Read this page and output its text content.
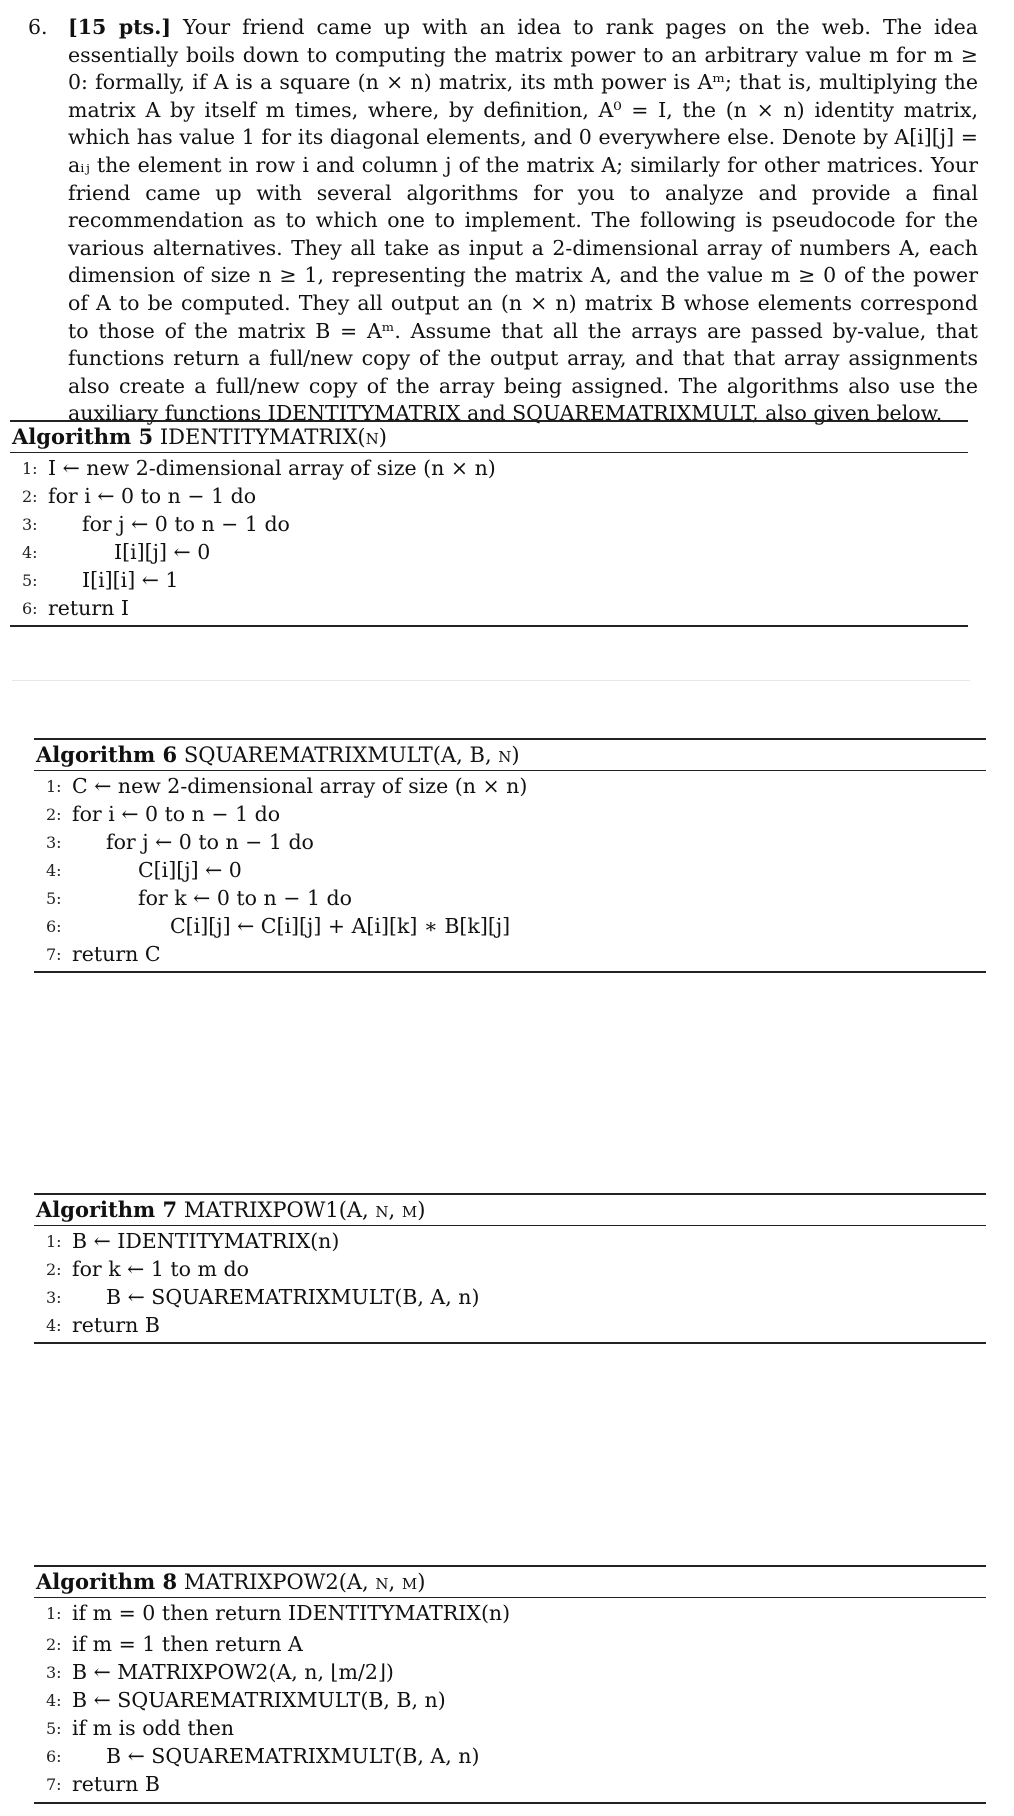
6. [15 pts.] Your friend came up with an idea to rank pages on the web. The idea essentially boils down to computing the matrix power to an arbitrary value m for m ≥ 0: formally, if A is a square (n × n) matrix, its mth power is Aᵐ; that is, multiplying the matrix A by itself m times, where, by definition, A⁰ = I, the (n × n) identity matrix, which has value 1 for its diagonal elements, and 0 everywhere else. Denote by A[i][j] = aᵢⱼ the element in row i and column j of the matrix A; similarly for other matrices. Your friend came up with several algorithms for you to analyze and provide a final recommendation as to which one to implement. The following is pseudocode for the various alternatives. They all take as input a 2-dimensional array of numbers A, each dimension of size n ≥ 1, representing the matrix A, and the value m ≥ 0 of the power of A to be computed. They all output an (n × n) matrix B whose elements correspond to those of the matrix B = Aᵐ. Assume that all the arrays are passed by-value, that functions return a full/new copy of the output array, and that that array assignments also create a full/new copy of the array being assigned. The algorithms also use the auxiliary functions IDENTITYMATRIX and SQUAREMATRIXMULT, also given below.
Algorithm 5 IDENTITYMATRIX(n)
1: I ← new 2-dimensional array of size (n × n)
2: for i ← 0 to n − 1 do
3: for j ← 0 to n − 1 do
4:	I[i][j] ← 0
5: I[i][i] ← 1
6: return I
Algorithm 6 SQUAREMATRIXMULT(A, B, n)
1: C ← new 2-dimensional array of size (n × n)
2: for i ← 0 to n − 1 do
3: for j ← 0 to n − 1 do
4:	C[i][j] ← 0
5:	for k ← 0 to n − 1 do
6:	C[i][j] ← C[i][j] + A[i][k] ∗ B[k][j]
7: return C
Algorithm 7 MATRIXPOW1(A, n, m)
1: B ← IDENTITYMATRIX(n)
2: for k ← 1 to m do
3: B ← SQUAREMATRIXMULT(B, A, n)
4: return B
Algorithm 8 MATRIXPOW2(A, n, m)
1: if m = 0 then return IDENTITYMATRIX(n)
2: if m = 1 then return A
3: B ← MATRIXPOW2(A, n, ⌊m/2⌋)
4: B ← SQUAREMATRIXMULT(B, B, n)
5: if m is odd then
6: B ← SQUAREMATRIXMULT(B, A, n)
7: return B
